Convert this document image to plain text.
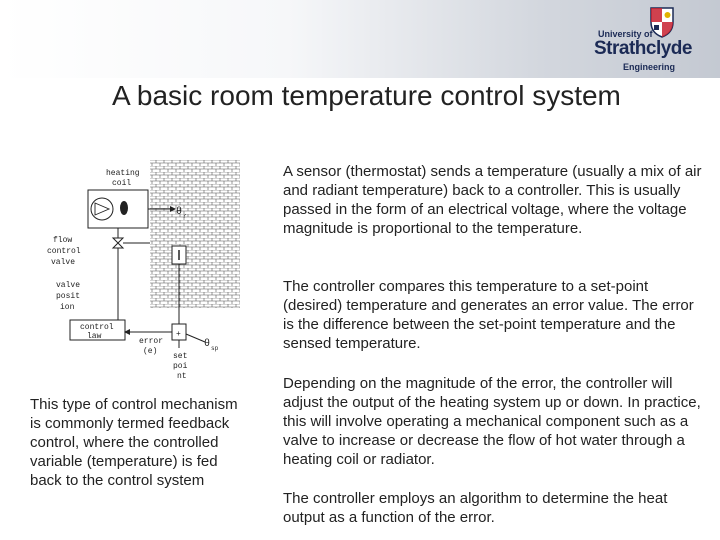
University of
Strathclyde
Engineering
A basic room temperature control system
heating
coil
θ r
flow
control
valve
valve
posit
ion
control
law	+
error
(e)
θ sp
set
poi
nt

A sensor (thermostat) sends a temperature (usually a mix of air and radiant temperature) back to a controller. This is usually passed in the form of an electrical voltage, where the voltage magnitude is proportional to the temperature.

The controller compares this temperature to a set-point (desired) temperature and generates an error value. The error is the difference between the set-point temperature and the sensed temperature.

Depending on the magnitude of the error, the controller will adjust the output of the heating system up or down. In practice, this will involve operating a mechanical component such as a valve to increase or decrease the flow of hot water through a heating coil or radiator.

The controller employs an algorithm to determine the heat output as a function of the error.

This type of control mechanism is commonly termed feedback control, where the controlled variable (temperature) is fed back to the control system
